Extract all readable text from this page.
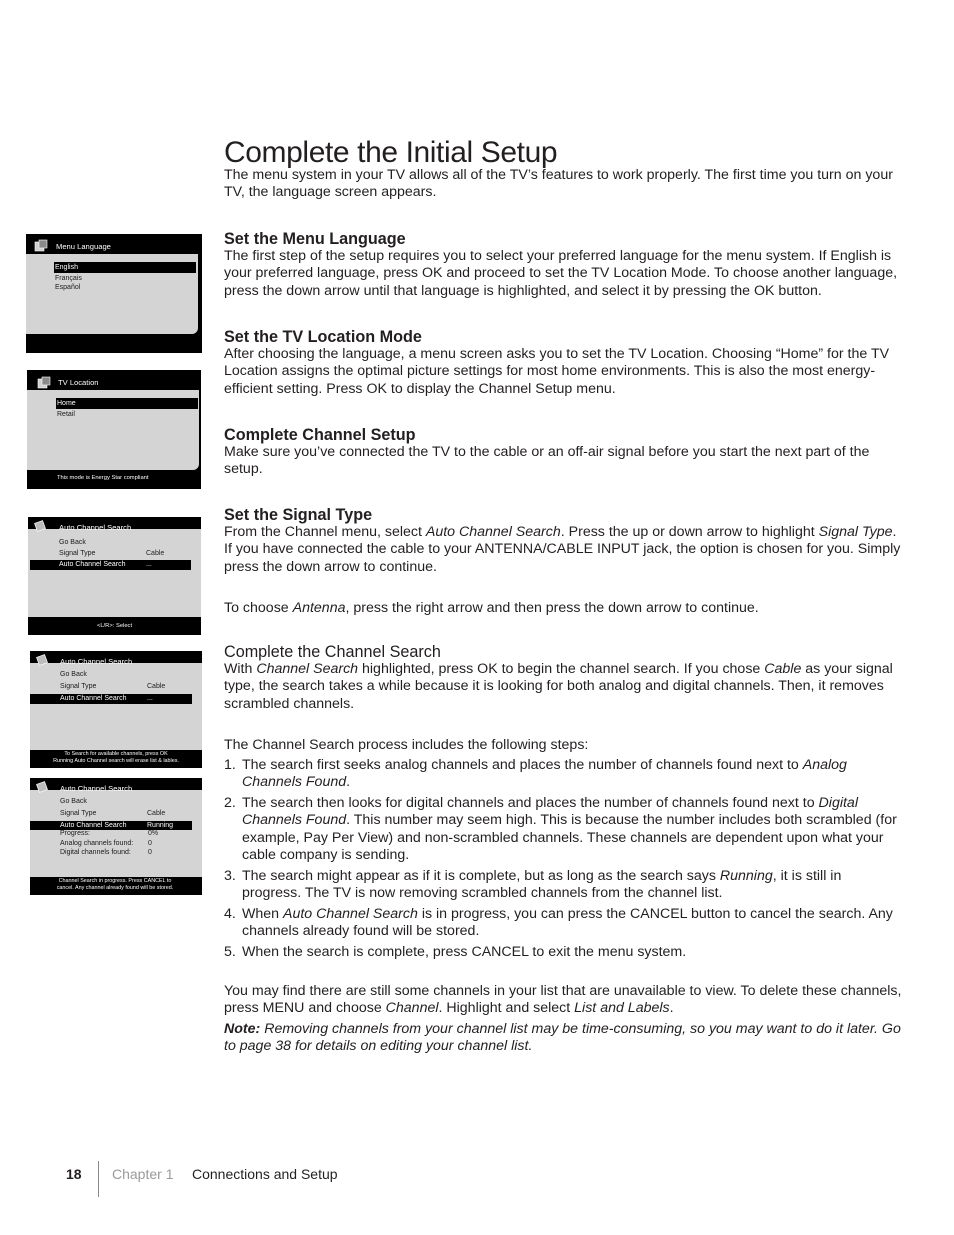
Complete the Initial Setup

The menu system in your TV allows all of the TV’s features to work properly. The first time you turn on your TV, the language screen appears.

Set the Menu Language

The first step of the setup requires you to select your preferred language for the menu system. If English is your preferred language, press OK and proceed to set the TV Location Mode. To choose another language, press the down arrow until that language is highlighted, and select it by pressing the OK button.

Set the TV Location Mode

After choosing the language, a menu screen asks you to set the TV Location. Choosing “Home” for the TV Location assigns the optimal picture settings for most home environments. This is also the most energy-efficient setting. Press OK to display the Channel Setup menu.

Complete Channel Setup

Make sure you’ve connected the TV to the cable or an off-air signal before you start the next part of the setup.

Set the Signal Type

From the Channel menu, select Auto Channel Search. Press the up or down arrow to highlight Signal Type. If you have connected the cable to your ANTENNA/CABLE INPUT jack, the option is chosen for you. Simply press the down arrow to continue.

To choose Antenna, press the right arrow and then press the down arrow to continue.

Complete the Channel Search

With Channel Search highlighted, press OK to begin the channel search. If you chose Cable as your signal type, the search takes a while because it is looking for both analog and digital channels. Then, it removes scrambled channels.

The Channel Search process includes the following steps:

1. The search first seeks analog channels and places the number of channels found next to Analog Channels Found.
2. The search then looks for digital channels and places the number of channels found next to Digital Channels Found. This number may seem high. This is because the number includes both scrambled (for example, Pay Per View) and non-scrambled channels. These channels are dependent upon what your cable company is sending.
3. The search might appear as if it is complete, but as long as the search says Running, it is still in progress. The TV is now removing scrambled channels from the channel list.
4. When Auto Channel Search is in progress, you can press the CANCEL button to cancel the search. Any channels already found will be stored.
5. When the search is complete, press CANCEL to exit the menu system.

You may find there are still some channels in your list that are unavailable to view. To delete these channels, press MENU and choose Channel. Highlight and select List and Labels.

Note: Removing channels from your channel list may be time-consuming, so you may want to do it later. Go to page 38 for details on editing your channel list.

Menu Language
English
Français
Español
TV Location
Home
Retail
This mode is Energy Star compliant
Auto Channel Search
Go Back
Signal Type	Cable
Auto Channel Search	...
<L/R>: Select
Auto Channel Search
Go Back
Signal Type	Cable
Auto Channel Search	...
To Search for available channels, press OK
Running Auto Channel search will erase list & lables.
Auto Channel Search
Go Back
Signal Type	Cable
Auto Channel Search	Running
Progress:	0%
Analog channels found: 0
Digital channels found: 0
Channel Search in progress. Press CANCEL to
cancel. Any channel already found will be stored.
18 Chapter 1 Connections and Setup
